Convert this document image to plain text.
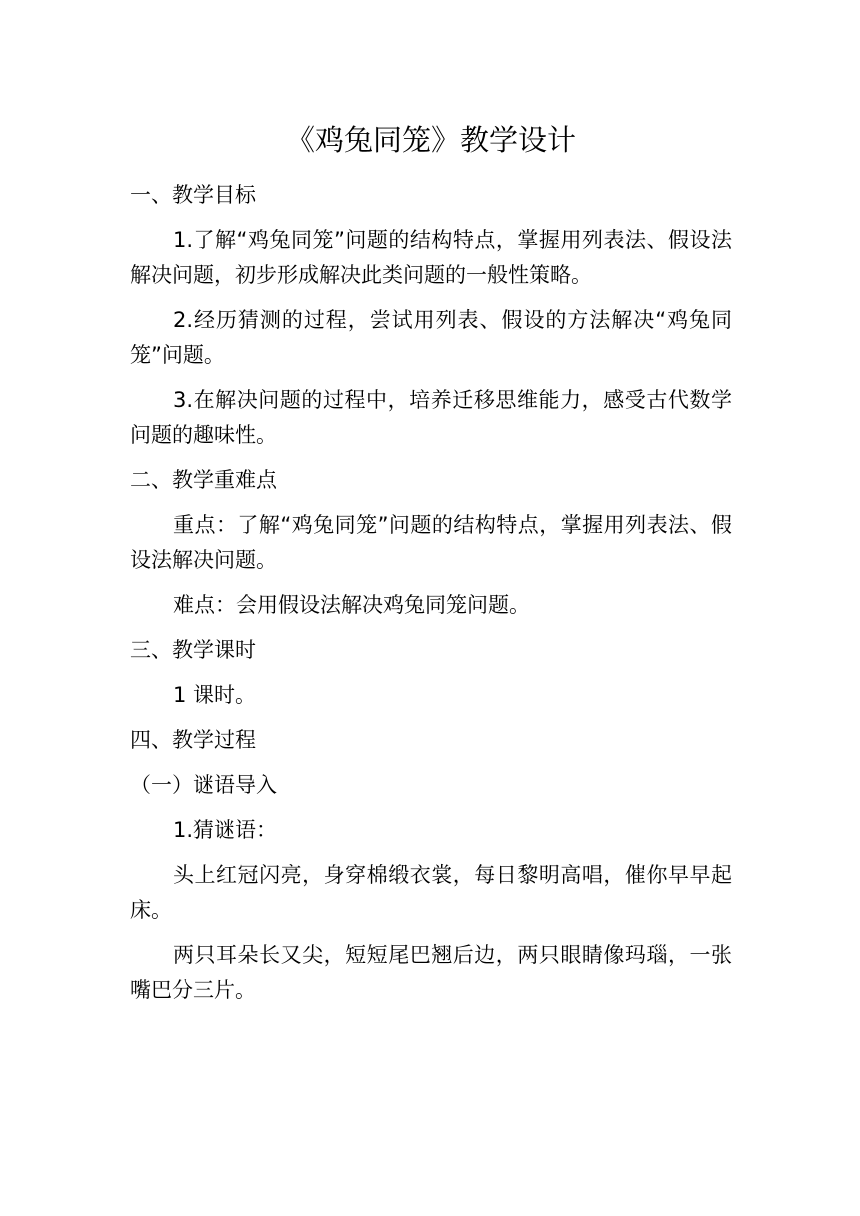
《鸡兔同笼》教学设计

一、教学目标

1.了解“鸡兔同笼”问题的结构特点，掌握用列表法、假设法解决问题，初步形成解决此类问题的一般性策略。

2.经历猜测的过程，尝试用列表、假设的方法解决“鸡兔同笼”问题。

3.在解决问题的过程中，培养迁移思维能力，感受古代数学问题的趣味性。

二、教学重难点

重点：了解“鸡兔同笼”问题的结构特点，掌握用列表法、假设法解决问题。

难点：会用假设法解决鸡兔同笼问题。

三、教学课时

1 课时。

四、教学过程

（一）谜语导入

1.猜谜语：

头上红冠闪亮，身穿棉缎衣裳，每日黎明高唱，催你早早起床。

两只耳朵长又尖，短短尾巴翘后边，两只眼睛像玛瑙，一张嘴巴分三片。
